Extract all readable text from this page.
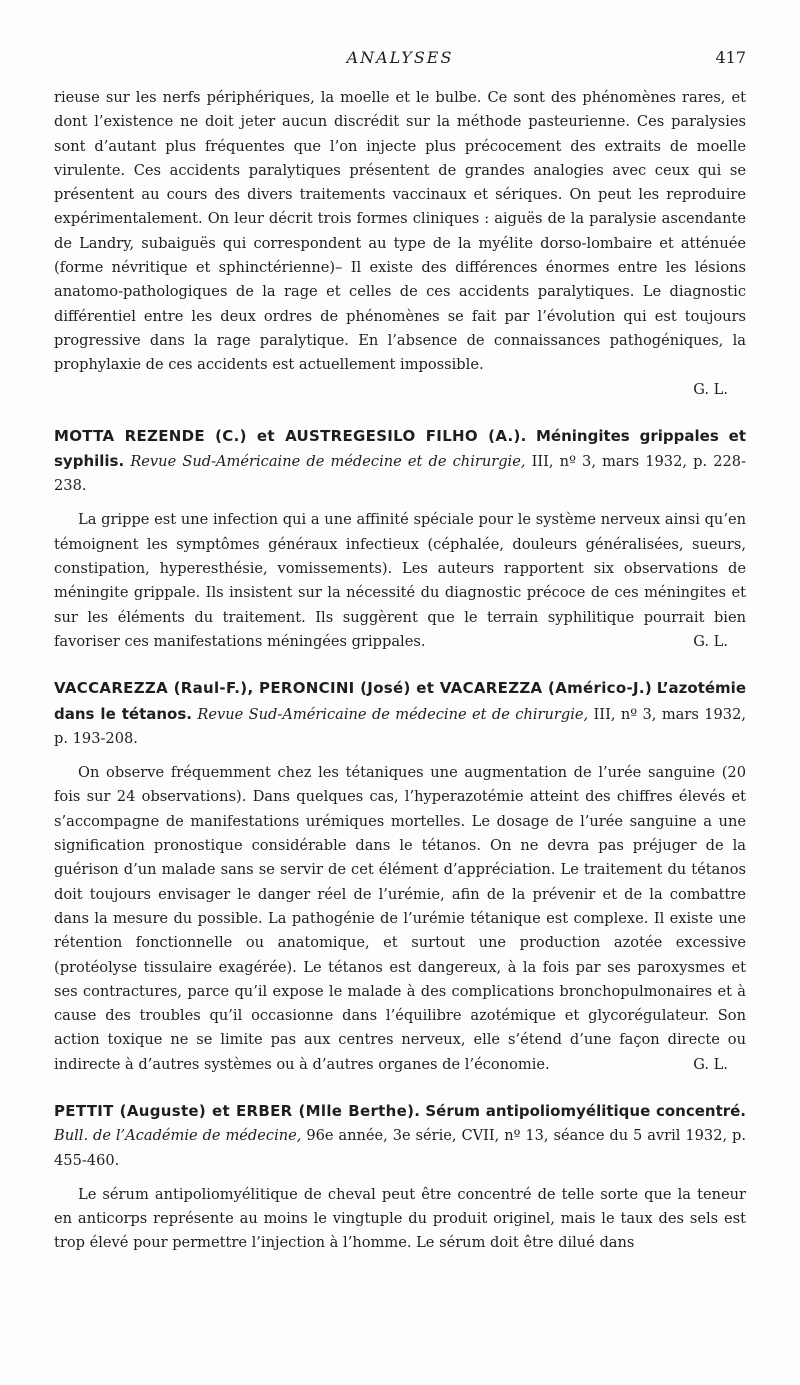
ANALYSES	417

rieuse sur les nerfs périphériques, la moelle et le bulbe. Ce sont des phénomènes rares, et dont l’existence ne doit jeter aucun discrédit sur la méthode pasteurienne. Ces paralysies sont d’autant plus fréquentes que l’on injecte plus précocement des extraits de moelle virulente. Ces accidents paralytiques présentent de grandes analogies avec ceux qui se présentent au cours des divers traitements vaccinaux et sériques. On peut les reproduire expérimentalement. On leur décrit trois formes cliniques : aiguës de la paralysie ascendante de Landry, subaiguës qui correspondent au type de la myélite dorso-lombaire et atténuée (forme névritique et sphinctérienne)– Il existe des différences énormes entre les lésions anatomo-pathologiques de la rage et celles de ces accidents paralytiques. Le diagnostic différentiel entre les deux ordres de phénomènes se fait par l’évolution qui est toujours progressive dans la rage paralytique. En l’absence de connaissances pathogéniques, la prophylaxie de ces accidents est actuellement impossible.

G. L.

MOTTA REZENDE (C.) et AUSTREGESILO FILHO (A.). Méningites grippales et syphilis. Revue Sud-Américaine de médecine et de chirurgie, III, nº 3, mars 1932, p. 228-238.

La grippe est une infection qui a une affinité spéciale pour le système nerveux ainsi qu’en témoignent les symptômes généraux infectieux (céphalée, douleurs généralisées, sueurs, constipation, hyperesthésie, vomissements). Les auteurs rapportent six observations de méningite grippale. Ils insistent sur la nécessité du diagnostic précoce de ces méningites et sur les éléments du traitement. Ils suggèrent que le terrain syphilitique pourrait bien favoriser ces manifestations méningées grippales.	G. L.

VACCAREZZA (Raul-F.), PERONCINI (José) et VACAREZZA (Américo-J.) L’azotémie dans le tétanos. Revue Sud-Américaine de médecine et de chirurgie, III, nº 3, mars 1932, p. 193-208.

On observe fréquemment chez les tétaniques une augmentation de l’urée sanguine (20 fois sur 24 observations). Dans quelques cas, l’hyperazotémie atteint des chiffres élevés et s’accompagne de manifestations urémiques mortelles. Le dosage de l’urée sanguine a une signification pronostique considérable dans le tétanos. On ne devra pas préjuger de la guérison d’un malade sans se servir de cet élément d’appréciation. Le traitement du tétanos doit toujours envisager le danger réel de l’urémie, afin de la prévenir et de la combattre dans la mesure du possible. La pathogénie de l’urémie tétanique est complexe. Il existe une rétention fonctionnelle ou anatomique, et surtout une production azotée excessive (protéolyse tissulaire exagérée). Le tétanos est dangereux, à la fois par ses paroxysmes et ses contractures, parce qu’il expose le malade à des complications bronchopulmonaires et à cause des troubles qu’il occasionne dans l’équilibre azotémique et glycorégulateur. Son action toxique ne se limite pas aux centres nerveux, elle s’étend d’une façon directe ou indirecte à d’autres systèmes ou à d’autres organes de l’économie.	G. L.

PETTIT (Auguste) et ERBER (Mlle Berthe). Sérum antipoliomyélitique concentré. Bull. de l’Académie de médecine, 96e année, 3e série, CVII, nº 13, séance du 5 avril 1932, p. 455-460.

Le sérum antipoliomyélitique de cheval peut être concentré de telle sorte que la teneur en anticorps représente au moins le vingtuple du produit originel, mais le taux des sels est trop élevé pour permettre l’injection à l’homme. Le sérum doit être dilué dans
